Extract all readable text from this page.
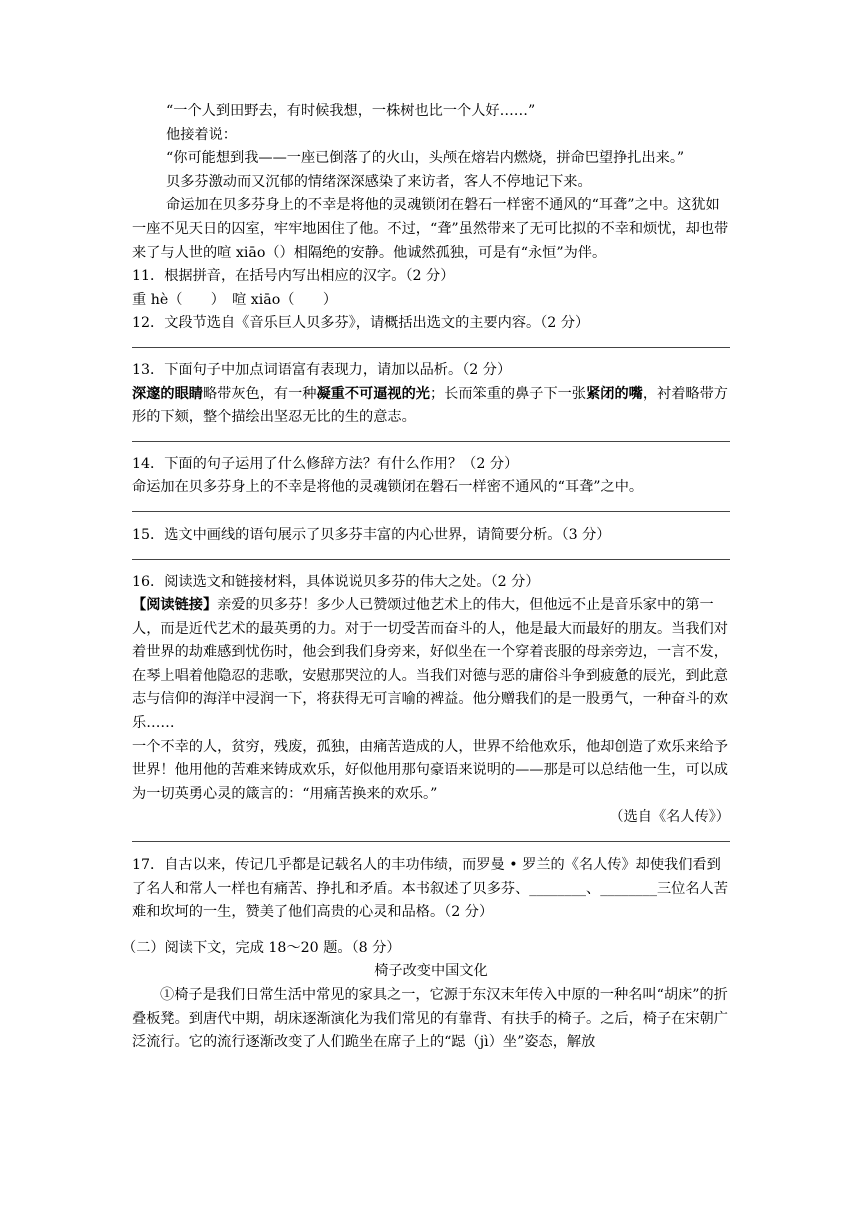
“一个人到田野去，有时候我想，一株树也比一个人好……”

他接着说：

“你可能想到我——一座已倒落了的火山，头颅在熔岩内燃烧，拼命巴望挣扎出来。”

贝多芬激动而又沉郁的情绪深深感染了来访者，客人不停地记下来。

命运加在贝多芬身上的不幸是将他的灵魂锁闭在磐石一样密不通风的“耳聋”之中。这犹如一座不见天日的囚室，牢牢地困住了他。不过，“聋”虽然带来了无可比拟的不幸和烦忧，却也带来了与人世的喧 xiāo（）相隔绝的安静。他诚然孤独，可是有“永恒”为伴。

11．根据拼音，在括号内写出相应的汉字。（2 分）

重 hè（　　）　喧 xiāo（　　）

12．文段节选自《音乐巨人贝多芬》，请概括出选文的主要内容。（2 分）

13．下面句子中加点词语富有表现力，请加以品析。（2 分）

深邃的眼睛略带灰色，有一种凝重不可逼视的光；长而笨重的鼻子下一张紧闭的嘴，衬着略带方形的下颏，整个描绘出坚忍无比的生的意志。

14．下面的句子运用了什么修辞方法？有什么作用？（2 分）

命运加在贝多芬身上的不幸是将他的灵魂锁闭在磐石一样密不通风的“耳聋”之中。

15．选文中画线的语句展示了贝多芬丰富的内心世界，请简要分析。（3 分）

16．阅读选文和链接材料，具体说说贝多芬的伟大之处。（2 分）

【阅读链接】亲爱的贝多芬！多少人已赞颂过他艺术上的伟大，但他远不止是音乐家中的第一人，而是近代艺术的最英勇的力。对于一切受苦而奋斗的人，他是最大而最好的朋友。当我们对着世界的劫难感到忧伤时，他会到我们身旁来，好似坐在一个穿着丧服的母亲旁边，一言不发，在琴上唱着他隐忍的悲歌，安慰那哭泣的人。当我们对德与恶的庸俗斗争到疲惫的辰光，到此意志与信仰的海洋中浸润一下，将获得无可言喻的裨益。他分赠我们的是一股勇气，一种奋斗的欢乐……

一个不幸的人，贫穷，残废，孤独，由痛苦造成的人，世界不给他欢乐，他却创造了欢乐来给予世界！他用他的苦难来铸成欢乐，好似他用那句豪语来说明的——那是可以总结他一生，可以成为一切英勇心灵的箴言的：“用痛苦换来的欢乐。”

（选自《名人传》）

17．自古以来，传记几乎都是记载名人的丰功伟绩，而罗曼 • 罗兰的《名人传》却使我们看到了名人和常人一样也有痛苦、挣扎和矛盾。本书叙述了贝多芬、________、________三位名人苦难和坎坷的一生，赞美了他们高贵的心灵和品格。（2 分）

（二）阅读下文，完成 18～20 题。（8 分）

椅子改变中国文化

①椅子是我们日常生活中常见的家具之一，它源于东汉末年传入中原的一种名叫“胡床”的折叠板凳。到唐代中期，胡床逐渐演化为我们常见的有靠背、有扶手的椅子。之后，椅子在宋朝广泛流行。它的流行逐渐改变了人们跪坐在席子上的“跽（jì）坐”姿态，解放
